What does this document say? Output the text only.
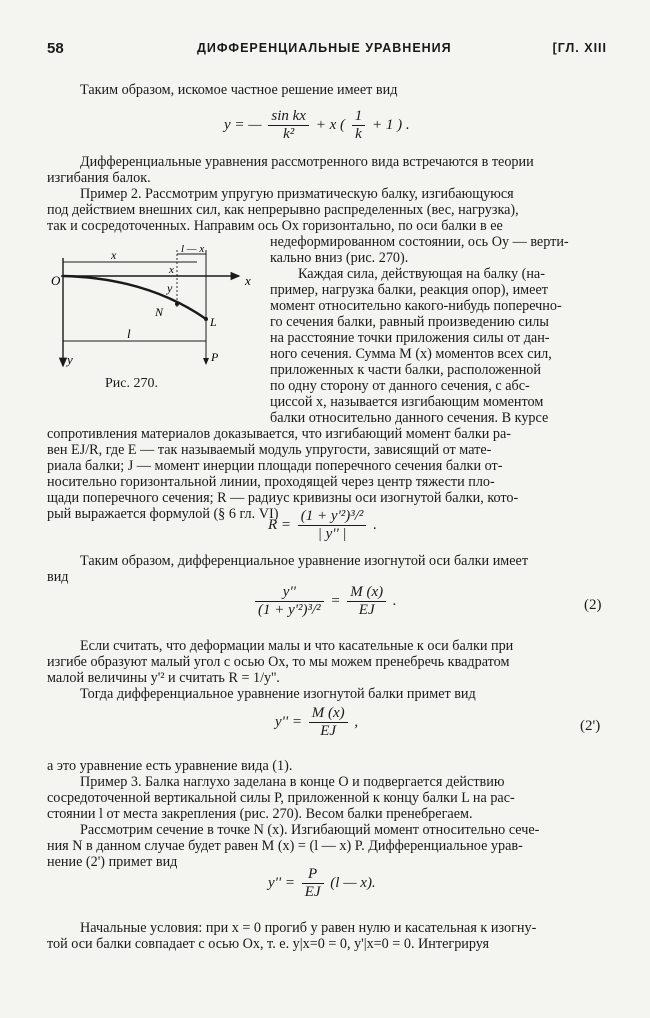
58	ДИФФЕРЕНЦИАЛЬНЫЕ УРАВНЕНИЯ	[ГЛ. XIII
Таким образом, искомое частное решение имеет вид
y = — $\frac{\text{sin kx}}{\text{k²}} + x$ ( $\frac{1}{k} + 1$ ) .
Дифференциальные уравнения рассмотренного вида встречаются в теории
изгибания балок.
Пример 2. Рассмотрим упругую призматическую балку, изгибающуюся
под действием внешних сил, как непрерывно распределенных (вес, нагрузка),
так и сосредоточенных. Направим ось Ox горизонтально, по оси балки в ее
недеформированном состоянии, ось Oy — верти-
кально вниз (рис. 270).
Каждая сила, действующая на балку (на-
пример, нагрузка балки, реакция опор), имеет
момент относительно какого-нибудь поперечно-
го сечения балки, равный произведению силы
на расстояние точки приложения силы от дан-
ного сечения. Сумма M (x) моментов всех сил,
приложенных к части балки, расположенной
по одну сторону от данного сечения, с абс-
циссой x, называется изгибающим моментом
балки относительно данного сечения. В курсе
O	x
y
x	l — x
x
y
N
L
l
P
Рис. 270.
сопротивления материалов доказывается, что изгибающий момент балки ра-
вен EJ/R, где E — так называемый модуль упругости, зависящий от мате-
риала балки; J — момент инерции площади поперечного сечения балки от-
носительно горизонтальной линии, проходящей через центр тяжести пло-
щади поперечного сечения; R — радиус кривизны оси изогнутой балки, кото-
рый выражается формулой (§ 6 гл. VI)
$R = \frac{\text{(1 + y'²)³/²}}{| y'' |}$ .
Таким образом, дифференциальное уравнение изогнутой оси балки имеет
вид
$\frac{y''}{\text{(1 + y'²)³/²}} = \frac{M (x)}{EJ}$ .	(2)
Если считать, что деформации малы и что касательные к оси балки при
изгибе образуют малый угол с осью Ox, то мы можем пренебречь квадратом
малой величины y'² и считать R = 1/y''.
Тогда дифференциальное уравнение изогнутой балки примет вид
$y'' = \frac{M (x)}{EJ}$ ,	(2')
а это уравнение есть уравнение вида (1).
Пример 3. Балка наглухо заделана в конце O и подвергается действию
сосредоточенной вертикальной силы P, приложенной к концу балки L на рас-
стоянии l от места закрепления (рис. 270). Весом балки пренебрегаем.
Рассмотрим сечение в точке N (x). Изгибающий момент относительно сече-
ния N в данном случае будет равен M (x) = (l — x) P. Дифференциальное урав-
нение (2') примет вид
$y'' = \frac{P}{EJ} (l$ — x).
Начальные условия: при x = 0 прогиб y равен нулю и касательная к изогну-
той оси балки совпадает с осью Ox, т. е. y|x=0 = 0, y'|x=0 = 0. Интегрируя
